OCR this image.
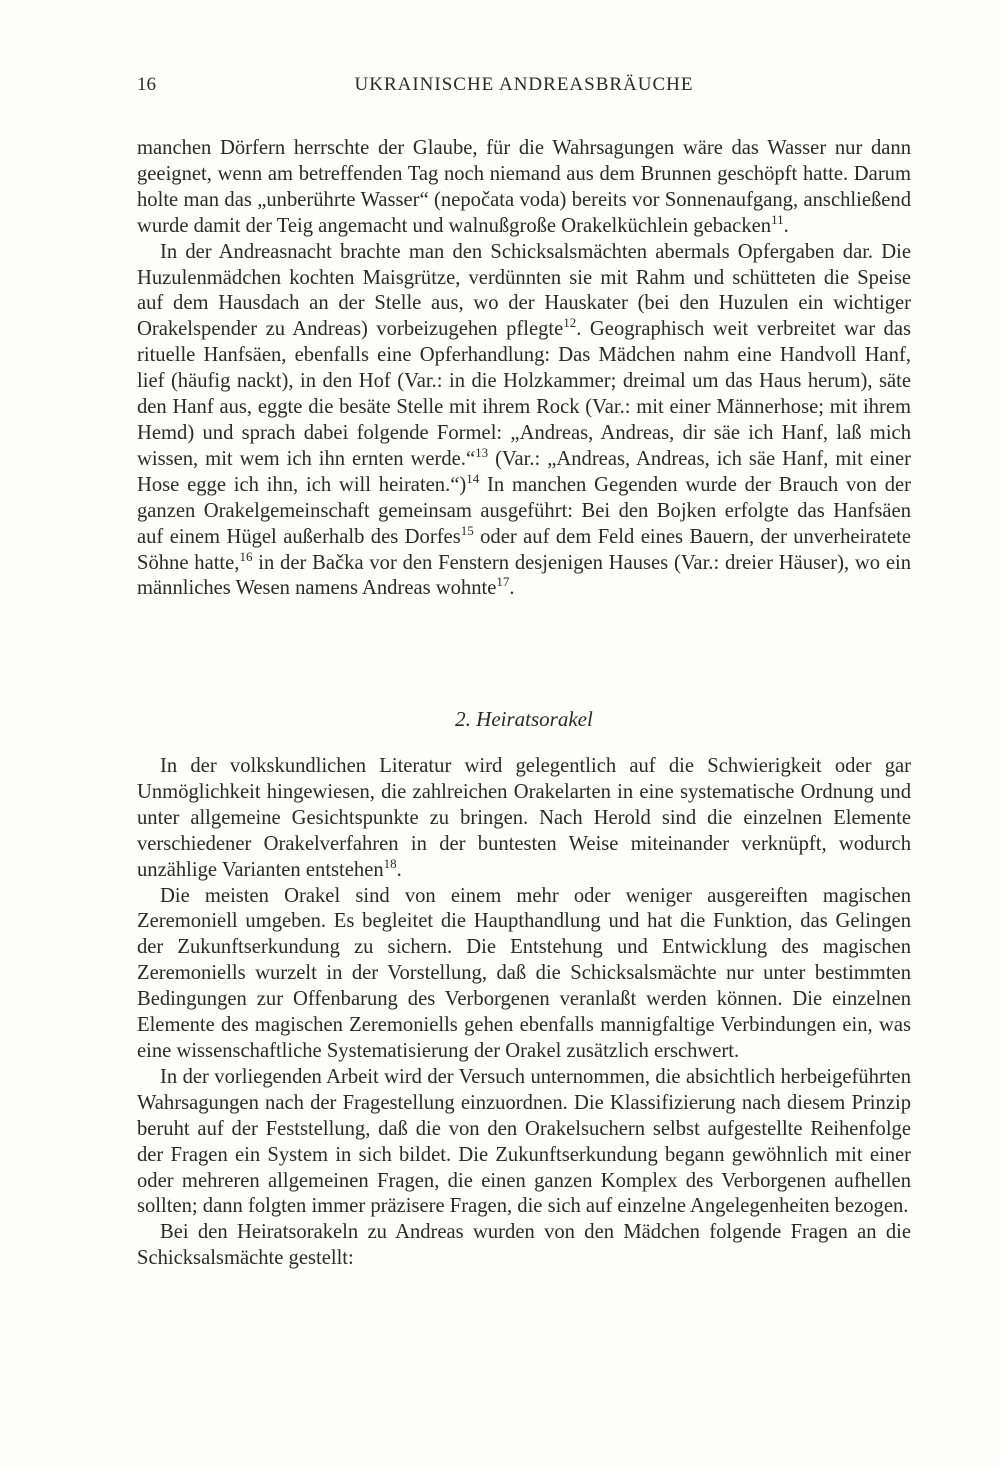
16	UKRAINISCHE ANDREASBRÄUCHE

manchen Dörfern herrschte der Glaube, für die Wahrsagungen wäre das Wasser nur dann geeignet, wenn am betreffenden Tag noch niemand aus dem Brunnen geschöpft hatte. Darum holte man das „unberührte Wasser“ (nepočata voda) bereits vor Sonnenaufgang, anschließend wurde damit der Teig angemacht und walnußgroße Orakelküchlein gebacken$^{11}$.

In der Andreasnacht brachte man den Schicksalsmächten abermals Opfergaben dar. Die Huzulenmädchen kochten Maisgrütze, verdünnten sie mit Rahm und schütteten die Speise auf dem Hausdach an der Stelle aus, wo der Hauskater (bei den Huzulen ein wichtiger Orakelspender zu Andreas) vorbeizugehen pflegte$^{12}$. Geographisch weit verbreitet war das rituelle Hanfsäen, ebenfalls eine Opferhandlung: Das Mädchen nahm eine Handvoll Hanf, lief (häufig nackt), in den Hof (Var.: in die Holzkammer; dreimal um das Haus herum), säte den Hanf aus, eggte die besäte Stelle mit ihrem Rock (Var.: mit einer Männerhose; mit ihrem Hemd) und sprach dabei folgende Formel: „Andreas, Andreas, dir säe ich Hanf, laß mich wissen, mit wem ich ihn ernten werde.“$^{13}$ (Var.: „Andreas, Andreas, ich säe Hanf, mit einer Hose egge ich ihn, ich will heiraten.“)$^{14}$ In manchen Gegenden wurde der Brauch von der ganzen Orakelgemeinschaft gemeinsam ausgeführt: Bei den Bojken erfolgte das Hanfsäen auf einem Hügel außerhalb des Dorfes$^{15}$ oder auf dem Feld eines Bauern, der unverheiratete Söhne hatte,$^{16}$ in der Bačka vor den Fenstern desjenigen Hauses (Var.: dreier Häuser), wo ein männliches Wesen namens Andreas wohnte$^{17}$.

2. Heiratsorakel

In der volkskundlichen Literatur wird gelegentlich auf die Schwierigkeit oder gar Unmöglichkeit hingewiesen, die zahlreichen Orakelarten in eine systematische Ordnung und unter allgemeine Gesichtspunkte zu bringen. Nach Herold sind die einzelnen Elemente verschiedener Orakelverfahren in der buntesten Weise miteinander verknüpft, wodurch unzählige Varianten entstehen$^{18}$.

Die meisten Orakel sind von einem mehr oder weniger ausgereiften magischen Zeremoniell umgeben. Es begleitet die Haupthandlung und hat die Funktion, das Gelingen der Zukunftserkundung zu sichern. Die Entstehung und Entwicklung des magischen Zeremoniells wurzelt in der Vorstellung, daß die Schicksalsmächte nur unter bestimmten Bedingungen zur Offenbarung des Verborgenen veranlaßt werden können. Die einzelnen Elemente des magischen Zeremoniells gehen ebenfalls mannigfaltige Verbindungen ein, was eine wissenschaftliche Systematisierung der Orakel zusätzlich erschwert.

In der vorliegenden Arbeit wird der Versuch unternommen, die absichtlich herbeigeführten Wahrsagungen nach der Fragestellung einzuordnen. Die Klassifizierung nach diesem Prinzip beruht auf der Feststellung, daß die von den Orakelsuchern selbst aufgestellte Reihenfolge der Fragen ein System in sich bildet. Die Zukunftserkundung begann gewöhnlich mit einer oder mehreren allgemeinen Fragen, die einen ganzen Komplex des Verborgenen aufhellen sollten; dann folgten immer präzisere Fragen, die sich auf einzelne Angelegenheiten bezogen.

Bei den Heiratsorakeln zu Andreas wurden von den Mädchen folgende Fragen an die Schicksalsmächte gestellt:
